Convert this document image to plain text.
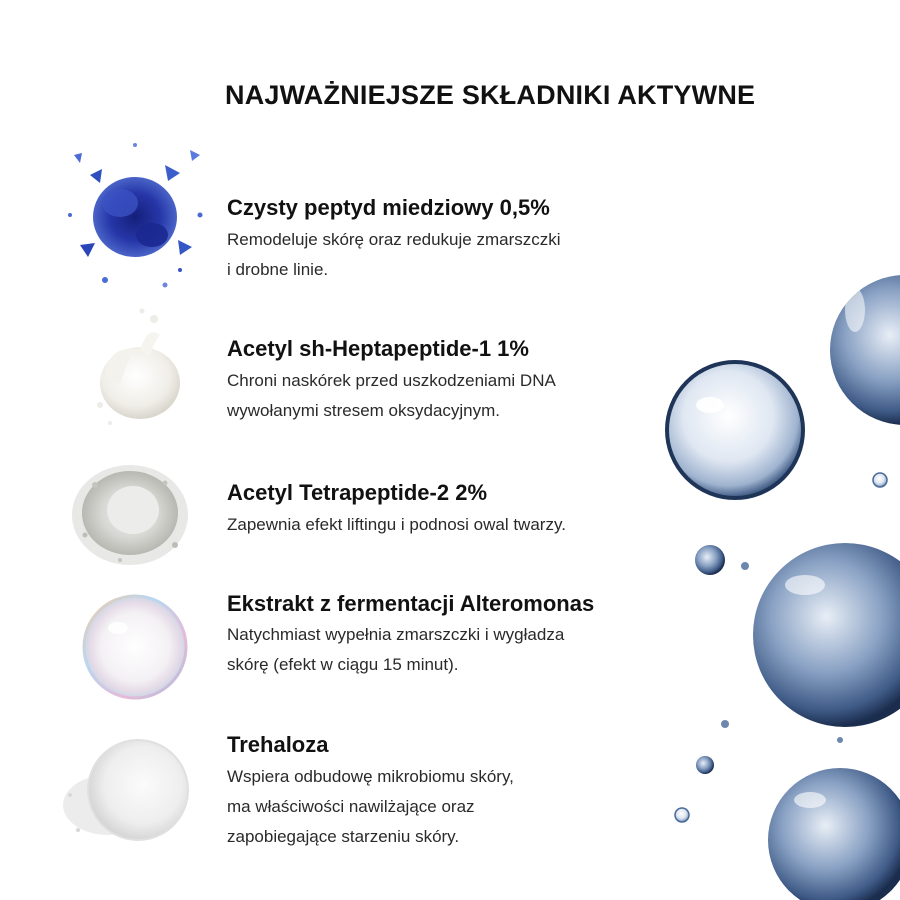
NAJWAŻNIEJSZE SKŁADNIKI AKTYWNE
Czysty peptyd miedziowy 0,5%
Remodeluje skórę oraz redukuje zmarszczki
i drobne linie.
Acetyl sh-Heptapeptide-1 1%
Chroni naskórek przed uszkodzeniami DNA
wywołanymi stresem oksydacyjnym.
Acetyl Tetrapeptide-2 2%
Zapewnia efekt liftingu i podnosi owal twarzy.
Ekstrakt z fermentacji Alteromonas
Natychmiast wypełnia zmarszczki i wygładza
skórę (efekt w ciągu 15 minut).
Trehaloza
Wspiera odbudowę mikrobiomu skóry,
ma właściwości nawilżające oraz
zapobiegające starzeniu skóry.
